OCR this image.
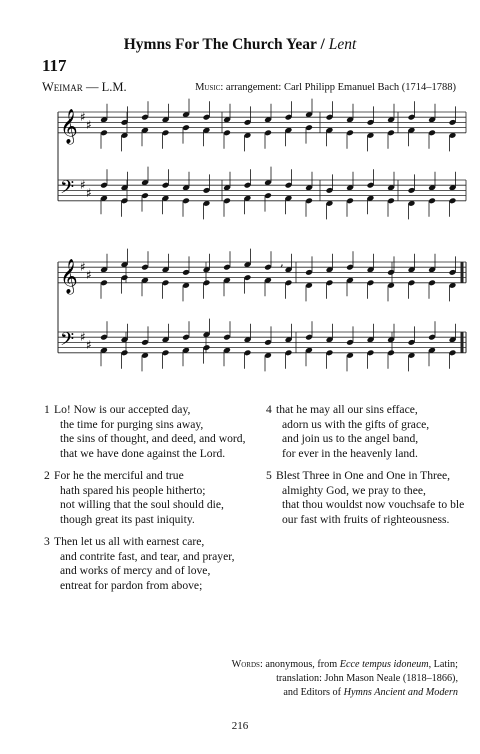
Hymns For The Church Year / Lent
117
Weimar — L.M.	Music: arrangement: Carl Philipp Emanuel Bach (1714–1788)
𝄞 ♯
♯
𝄢 ♯
♯
𝄞 ♯
♯
𝄢 ♯
♯
,
,
1 Lo! Now is our accepted day,
the time for purging sins away,
the sins of thought, and deed, and word,
that we have done against the Lord.
2 For he the merciful and true
hath spared his people hitherto;
not willing that the soul should die,
though great its past iniquity.
3 Then let us all with earnest care,
and contrite fast, and tear, and prayer,
and works of mercy and of love,
entreat for pardon from above;
4 that he may all our sins efface,
adorn us with the gifts of grace,
and join us to the angel band,
for ever in the heavenly land.
5 Blest Three in One and One in Three,
almighty God, we pray to thee,
that thou wouldst now vouchsafe to ble
our fast with fruits of righteousness.
Words: anonymous, from Ecce tempus idoneum, Latin;
translation: John Mason Neale (1818–1866),
and Editors of Hymns Ancient and Modern
216
